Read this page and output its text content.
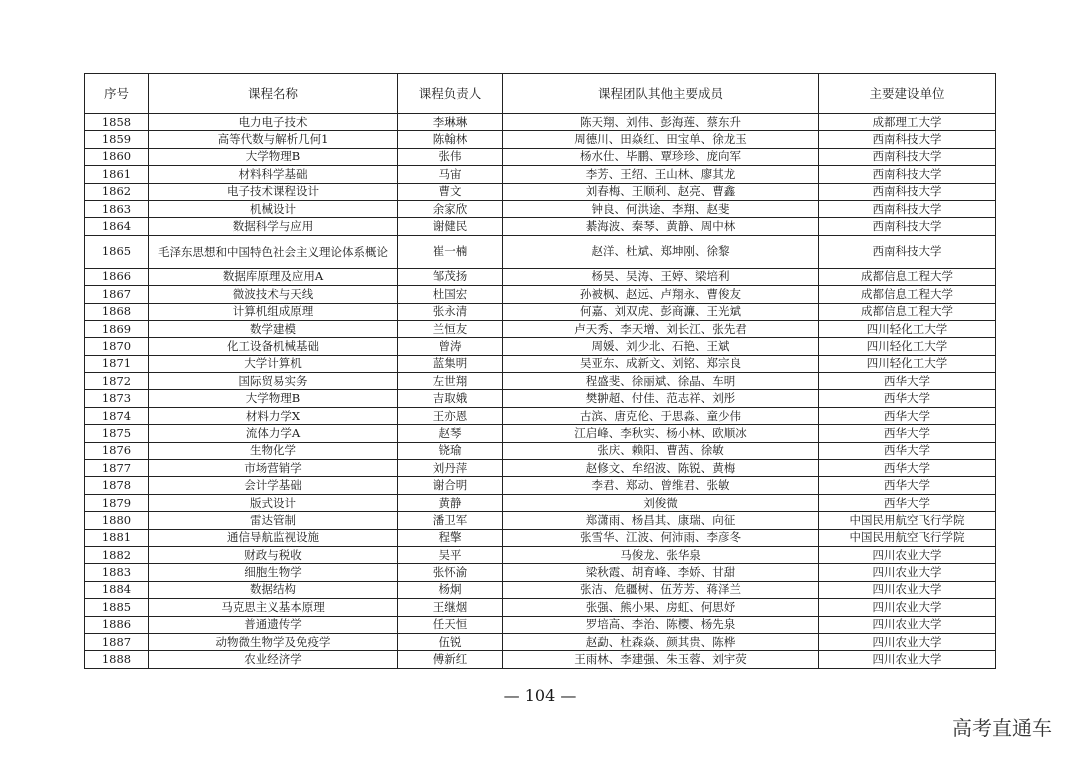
序号	课程名称	课程负责人	课程团队其他主要成员	主要建设单位
1858	电力电子技术	李琳琳	陈天翔、刘伟、彭海莲、蔡东升	成都理工大学
1859	高等代数与解析几何1	陈翰林	周德川、田焱红、田宝单、徐龙玉	西南科技大学
1860	大学物理B	张伟	杨水仕、毕鹏、覃珍珍、庞向军	西南科技大学
1861	材料科学基础	马宙	李芳、王绍、王山林、廖其龙	西南科技大学
1862	电子技术课程设计	曹文	刘春梅、王顺利、赵亮、曹鑫	西南科技大学
1863	机械设计	余家欣	钟良、何洪途、李翔、赵斐	西南科技大学
1864	数据科学与应用	谢健民	綦海波、秦琴、黄静、周中林	西南科技大学
1865	毛泽东思想和中国特色社会主义理论体系概论	崔一楠	赵洋、杜斌、郑坤刚、徐黎	西南科技大学
1866	数据库原理及应用A	邹茂扬	杨昊、吴涛、王婷、梁培利	成都信息工程大学
1867	微波技术与天线	杜国宏	孙被枫、赵远、卢翔永、曹俊友	成都信息工程大学
1868	计算机组成原理	张永清	何嘉、刘双虎、彭商濂、王光斌	成都信息工程大学
1869	数学建模	兰恒友	卢天秀、李天增、刘长江、张先君	四川轻化工大学
1870	化工设备机械基础	曾涛	周媛、刘少北、石艳、王斌	四川轻化工大学
1871	大学计算机	蓝集明	吴亚东、成新文、刘铭、郑宗良	四川轻化工大学
1872	国际贸易实务	左世翔	程盛斐、徐丽斌、徐晶、车明	西华大学
1873	大学物理B	吉取娥	樊翀超、付佳、范志祥、刘彤	西华大学
1874	材料力学X	王亦恩	古滨、唐克伦、于思淼、童少伟	西华大学
1875	流体力学A	赵琴	江启峰、李秋实、杨小林、欧顺冰	西华大学
1876	生物化学	铙瑜	张庆、赖阳、曹茜、徐敏	西华大学
1877	市场营销学	刘丹萍	赵修文、牟绍波、陈锐、黄梅	西华大学
1878	会计学基础	谢合明	李君、郑动、曾维君、张敏	西华大学
1879	版式设计	黄静	刘俊微	西华大学
1880	雷达管制	潘卫军	郑潇雨、杨昌其、康瑞、向征	中国民用航空飞行学院
1881	通信导航监视设施	程擎	张雪华、江波、何沛雨、李彦冬	中国民用航空飞行学院
1882	财政与税收	吴平	马俊龙、张华泉	四川农业大学
1883	细胞生物学	张怀渝	梁秋霞、胡育峰、李娇、甘甜	四川农业大学
1884	数据结构	杨炯	张洁、危疆树、伍芳芳、蒋泽兰	四川农业大学
1885	马克思主义基本原理	王继烟	张强、熊小果、房虹、何思妤	四川农业大学
1886	普通遗传学	任天恒	罗培高、李治、陈樱、杨先泉	四川农业大学
1887	动物微生物学及免疫学	伍锐	赵勐、杜森焱、颜其贵、陈桦	四川农业大学
1888	农业经济学	傅新红	王雨林、李建强、朱玉蓉、刘宇荧	四川农业大学
— 104 —
高考直通车
